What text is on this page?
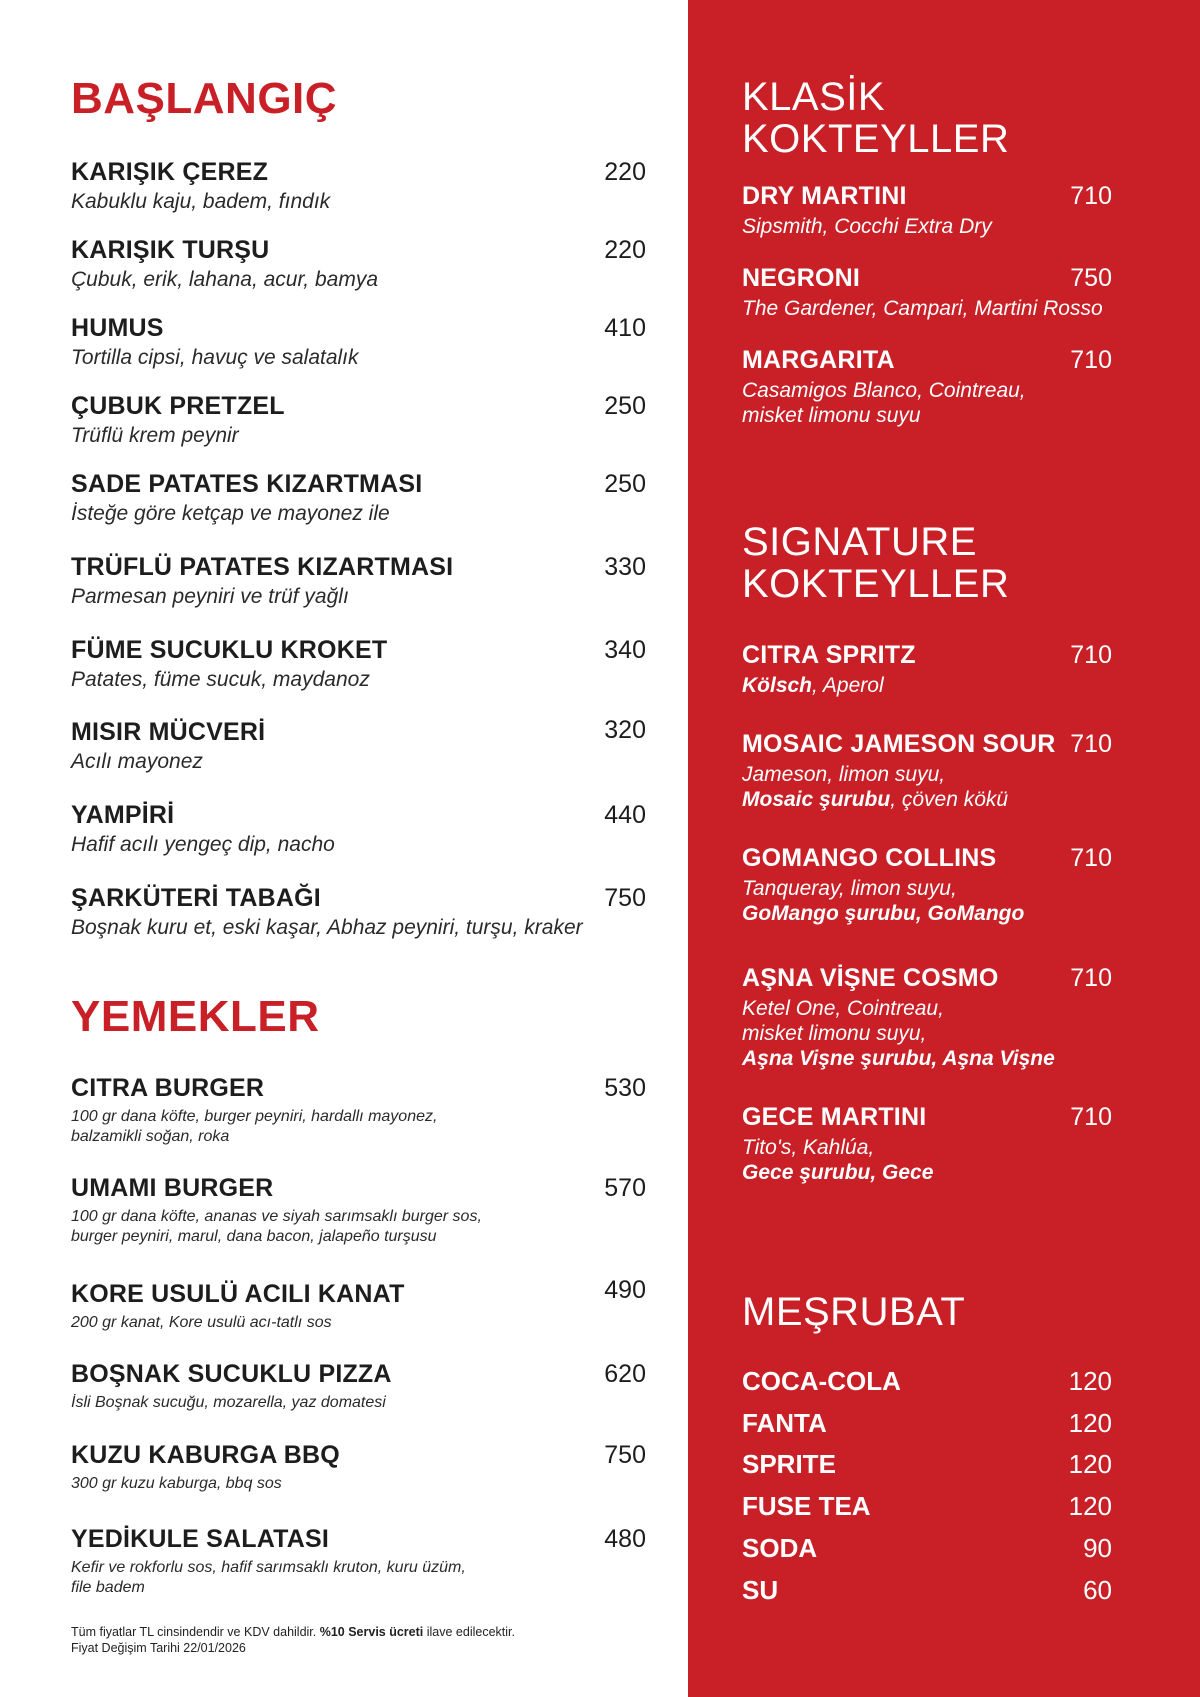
BAŞLANGIÇ
KARIŞIK ÇEREZ
Kabuklu kaju, badem, fındık
220
KARIŞIK TURŞU
Çubuk, erik, lahana, acur, bamya
220
HUMUS
Tortilla cipsi, havuç ve salatalık
410
ÇUBUK PRETZEL
Trüflü krem peynir
250
SADE PATATES KIZARTMASI
İsteğe göre ketçap ve mayonez ile
250
TRÜFLÜ PATATES KIZARTMASI
Parmesan peyniri ve trüf yağlı
330
FÜME SUCUKLU KROKET
Patates, füme sucuk, maydanoz
340
MISIR MÜCVERİ
Acılı mayonez
320
YAMPİRİ
Hafif acılı yengeç dip, nacho
440
ŞARKÜTERİ TABAĞI
Boşnak kuru et, eski kaşar, Abhaz peyniri, turşu, kraker
750
YEMEKLER
CITRA BURGER
100 gr dana köfte, burger peyniri, hardallı mayonez,
balzamikli soğan, roka
530
UMAMI BURGER
100 gr dana köfte, ananas ve siyah sarımsaklı burger sos,
burger peyniri, marul, dana bacon, jalapeño turşusu
570
KORE USULÜ ACILI KANAT
200 gr kanat, Kore usulü acı-tatlı sos
490
BOŞNAK SUCUKLU PIZZA
İsli Boşnak sucuğu, mozarella, yaz domatesi
620
KUZU KABURGA BBQ
300 gr kuzu kaburga, bbq sos
750
YEDİKULE SALATASI
Kefir ve rokforlu sos, hafif sarımsaklı kruton, kuru üzüm,
file badem
480
Tüm fiyatlar TL cinsindendir ve KDV dahildir. %10 Servis ücreti ilave edilecektir.
Fiyat Değişim Tarihi 22/01/2026
KLASİK
KOKTEYLLER
DRY MARTINI
Sipsmith, Cocchi Extra Dry
710
NEGRONI
The Gardener, Campari, Martini Rosso
750
MARGARITA
Casamigos Blanco, Cointreau,
misket limonu suyu
710
SIGNATURE
KOKTEYLLER
CITRA SPRITZ
Kölsch, Aperol
710
MOSAIC JAMESON SOUR
Jameson, limon suyu,
Mosaic şurubu, çöven kökü
710
GOMANGO COLLINS
Tanqueray, limon suyu,
GoMango şurubu, GoMango
710
AŞNA VİŞNE COSMO
Ketel One, Cointreau,
misket limonu suyu,
Aşna Vişne şurubu, Aşna Vişne
710
GECE MARTINI
Tito's, Kahlúa,
Gece şurubu, Gece
710
MEŞRUBAT
COCA-COLA	120
FANTA	120
SPRITE	120
FUSE TEA	120
SODA	90
SU	60
